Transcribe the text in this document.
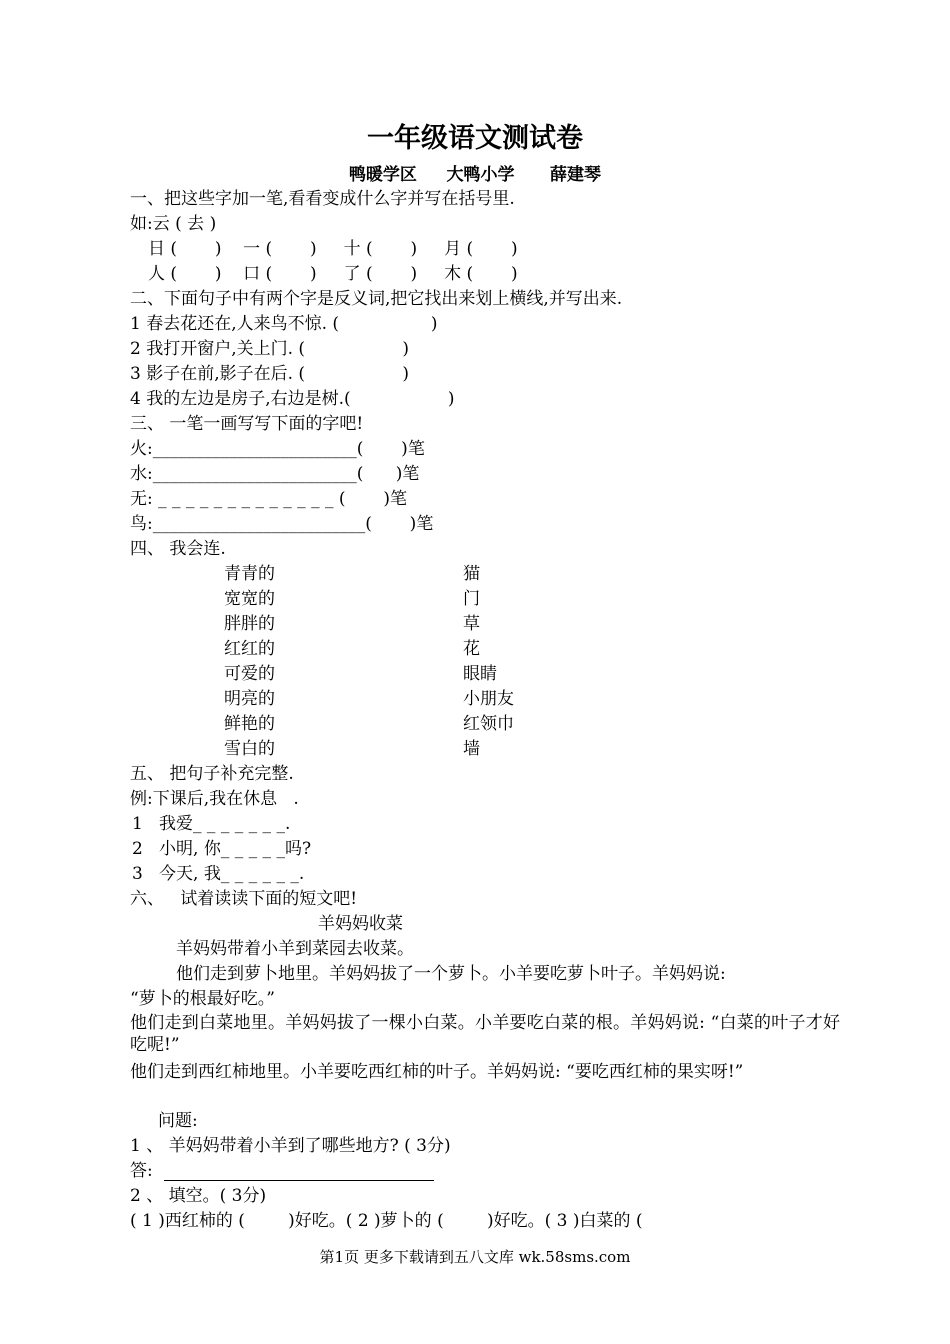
一年级语文测试卷
鸭暖学区     大鸭小学      薛建琴
一、把这些字加一笔,看看变成什么字并写在括号里.
如:云 ( 去 )
日 (       )    一 (       )     十 (       )     月 (       )
人 (       )    口 (       )     了 (       )     木 (       )
二、下面句子中有两个字是反义词,把它找出来划上横线,并写出来.
1 春去花还在,人来鸟不惊. (                 )
2 我打开窗户,关上门. (                  )
3 影子在前,影子在后. (                  )
4 我的左边是房子,右边是树.(                  )
三、 一笔一画写写下面的字吧!
火:________________________(       )笔
水:________________________(      )笔
无: _ _ _ _ _ _ _ _ _ _ _ _ _ (       )笔
鸟:_________________________(       )笔
四、 我会连.
青青的
宽宽的
胖胖的
红红的
可爱的
明亮的
鲜艳的
雪白的
猫
门
草
花
眼睛
小朋友
红领巾
墙
五、 把句子补充完整.
例:下课后,我在休息   .
1   我爱_ _ _ _ _ _ _.
2   小明, 你_ _ _ _ _吗?
3   今天, 我_ _ _ _ _ _.
六、   试着读读下面的短文吧!
羊妈妈收菜
羊妈妈带着小羊到菜园去收菜。
他们走到萝卜地里。羊妈妈拔了一个萝卜。小羊要吃萝卜叶子。羊妈妈说:
“萝卜的根最好吃。”
他们走到白菜地里。羊妈妈拔了一棵小白菜。小羊要吃白菜的根。羊妈妈说: “白菜的叶子才好吃呢!”
他们走到西红柿地里。小羊要吃西红柿的叶子。羊妈妈说: “要吃西红柿的果实呀!”
问题:
1 、 羊妈妈带着小羊到了哪些地方? ( 3分)
答:
2 、 填空。( 3分)
( 1 )西红柿的 (        )好吃。( 2 )萝卜的 (        )好吃。( 3 )白菜的 (
第1页 更多下载请到五八文库 wk.58sms.com
